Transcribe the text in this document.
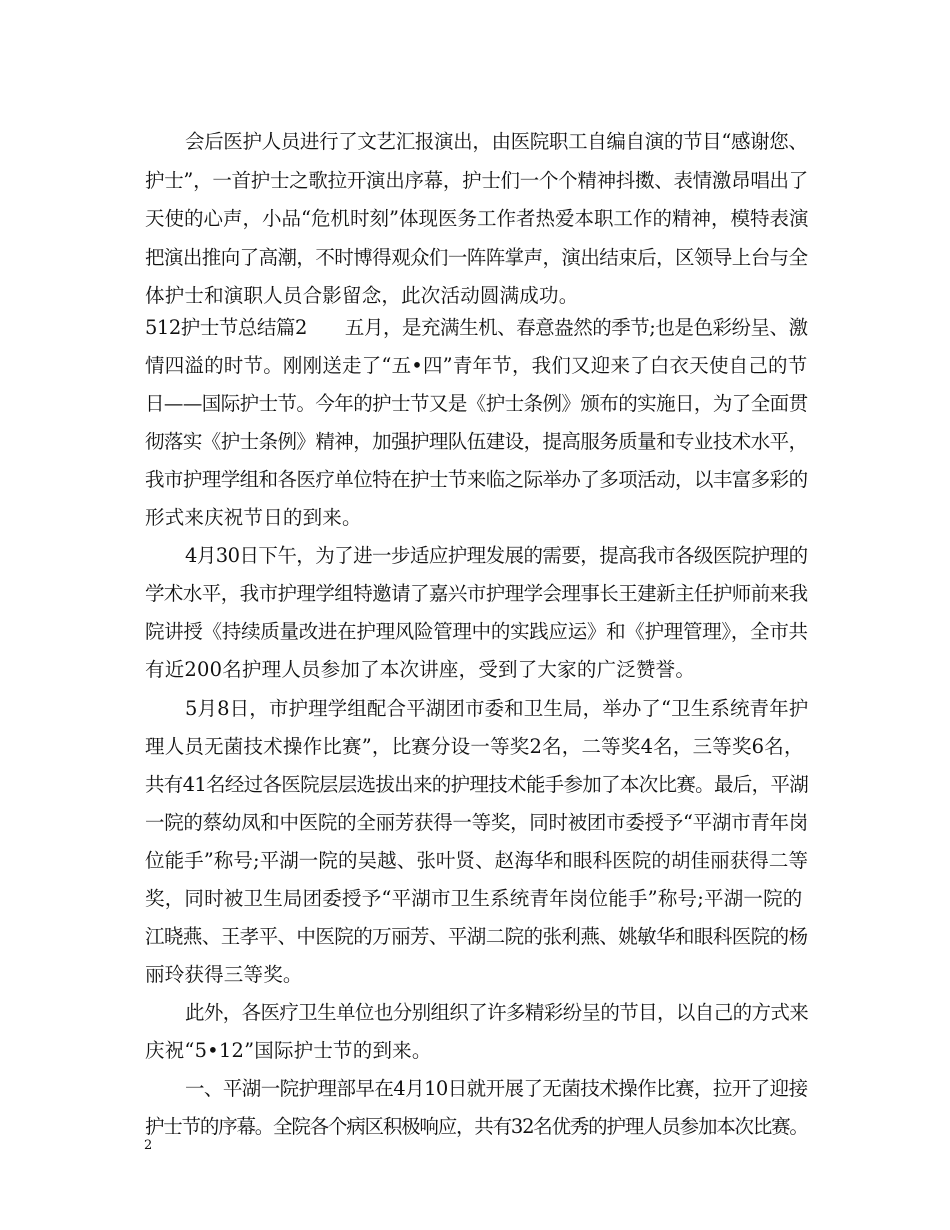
会后医护人员进行了文艺汇报演出，由医院职工自编自演的节目“感谢您、
护士”，一首护士之歌拉开演出序幕，护士们一个个精神抖擞、表情激昂唱出了
天使的心声，小品“危机时刻”体现医务工作者热爱本职工作的精神，模特表演
把演出推向了高潮，不时博得观众们一阵阵掌声，演出结束后，区领导上台与全
体护士和演职人员合影留念，此次活动圆满成功。
512护士节总结篇2　　五月，是充满生机、春意盎然的季节;也是色彩纷呈、激
情四溢的时节。刚刚送走了“五•四”青年节，我们又迎来了白衣天使自己的节
日——国际护士节。今年的护士节又是《护士条例》颁布的实施日，为了全面贯
彻落实《护士条例》精神，加强护理队伍建设，提高服务质量和专业技术水平，
我市护理学组和各医疗单位特在护士节来临之际举办了多项活动，以丰富多彩的
形式来庆祝节日的到来。
4月30日下午，为了进一步适应护理发展的需要，提高我市各级医院护理的
学术水平，我市护理学组特邀请了嘉兴市护理学会理事长王建新主任护师前来我
院讲授《持续质量改进在护理风险管理中的实践应运》和《护理管理》，全市共
有近200名护理人员参加了本次讲座，受到了大家的广泛赞誉。
5月8日，市护理学组配合平湖团市委和卫生局，举办了“卫生系统青年护
理人员无菌技术操作比赛”，比赛分设一等奖2名，二等奖4名，三等奖6名，
共有41名经过各医院层层选拔出来的护理技术能手参加了本次比赛。最后，平湖
一院的蔡幼凤和中医院的全丽芳获得一等奖，同时被团市委授予“平湖市青年岗
位能手”称号;平湖一院的吴越、张叶贤、赵海华和眼科医院的胡佳丽获得二等
奖，同时被卫生局团委授予“平湖市卫生系统青年岗位能手”称号;平湖一院的
江晓燕、王孝平、中医院的万丽芳、平湖二院的张利燕、姚敏华和眼科医院的杨
丽玲获得三等奖。
此外，各医疗卫生单位也分别组织了许多精彩纷呈的节目，以自己的方式来
庆祝“5•12”国际护士节的到来。
一、平湖一院护理部早在4月10日就开展了无菌技术操作比赛，拉开了迎接
护士节的序幕。全院各个病区积极响应，共有32名优秀的护理人员参加本次比赛。
2
